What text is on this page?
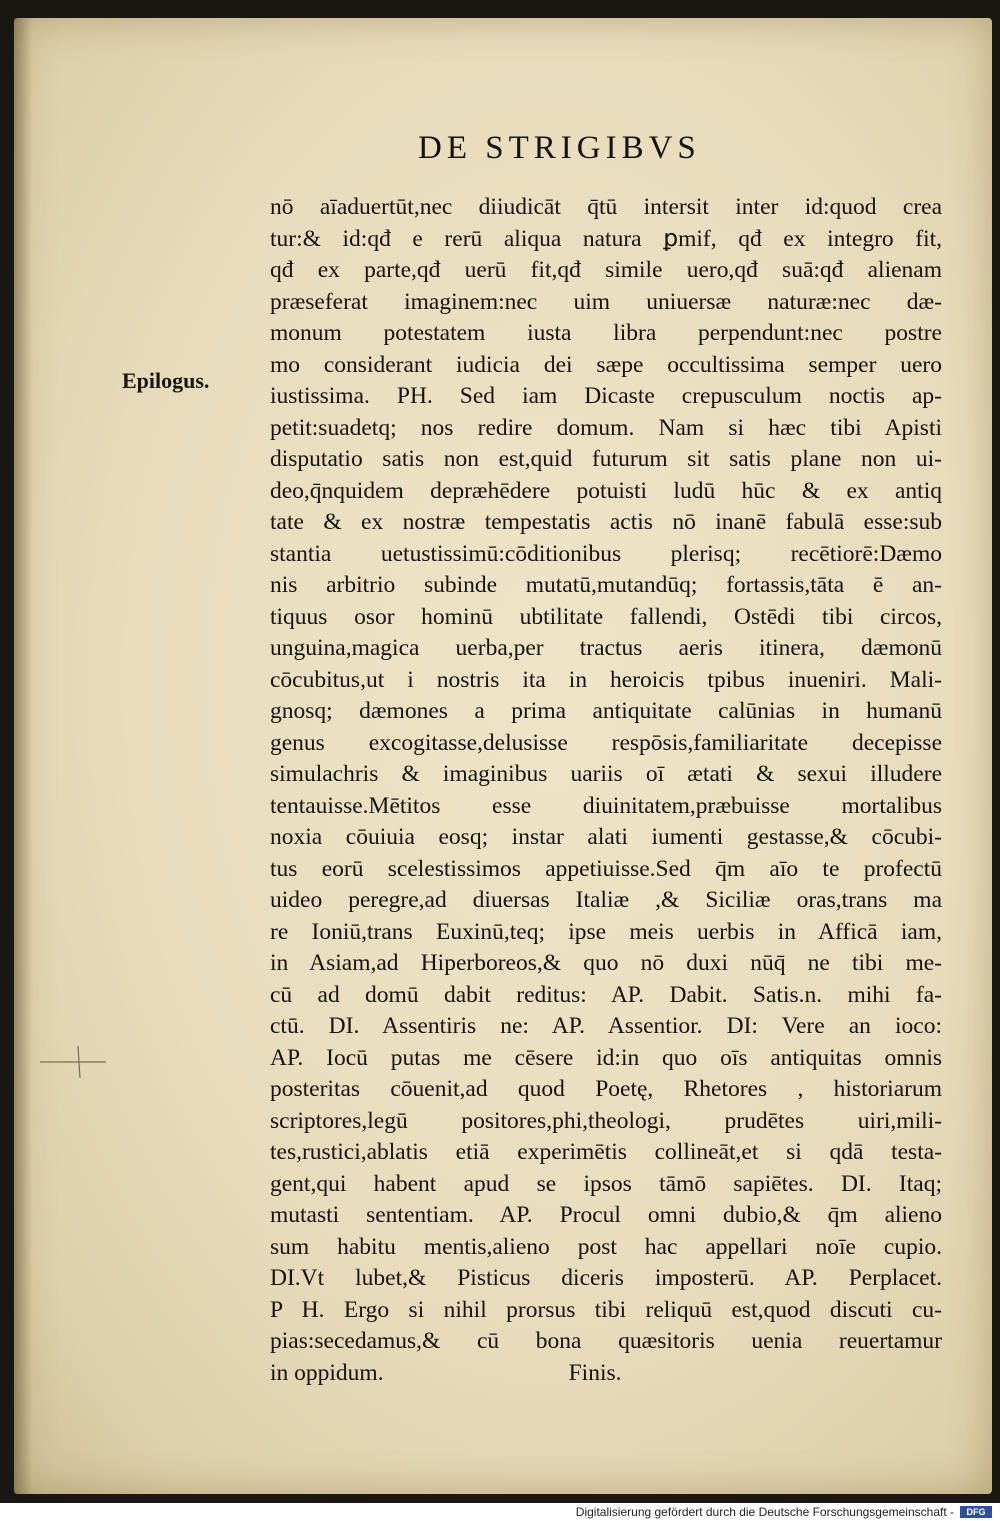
DE STRIGIBVS
Epilogus.
nō aīaduertūt,nec diiudicāt q̄tū intersit inter id:quod crea
tur:& id:qđ e rerū aliqua natura ꝑmif, qđ ex integro fit,
qđ ex parte,qđ uerū fit,qđ simile uero,qđ suā:qđ alienam
præseferat imaginem:nec uim uniuersæ naturæ:nec dæ-
monum potestatem iusta libra perpendunt:nec postre
mo considerant iudicia dei sæpe occultissima semper uero
iustissima. PH. Sed iam Dicaste crepusculum noctis ap-
petit:suadetq; nos redire domum. Nam si hæc tibi Apisti
disputatio satis non est,quid futurum sit satis plane non ui-
deo,q̄nquidem depræhēdere potuisti ludū hūc & ex antiq
tate & ex nostræ tempestatis actis nō inanē fabulā esse:sub
stantia uetustissimū:cōditionibus plerisq; recētiorē:Dæmo
nis arbitrio subinde mutatū,mutandūq; fortassis,tāta ē an-
tiquus osor hominū ubtilitate fallendi, Ostēdi tibi circos,
unguina,magica uerba,per tractus aeris itinera, dæmonū
cōcubitus,ut i nostris ita in heroicis tpibus inueniri. Mali-
gnosq; dæmones a prima antiquitate calūnias in humanū
genus excogitasse,delusisse respōsis,familiaritate decepisse
simulachris & imaginibus uariis oī ætati & sexui illudere
tentauisse.Mētitos esse diuinitatem,præbuisse mortalibus
noxia cōuiuia eosq; instar alati iumenti gestasse,& cōcubi-
tus eorū scelestissimos appetiuisse.Sed q̄m aīo te profectū
uideo peregre,ad diuersas Italiæ ,& Siciliæ oras,trans ma
re Ioniū,trans Euxinū,teq; ipse meis uerbis in Afficā iam,
in Asiam,ad Hiperboreos,& quo nō duxi nūq̄ ne tibi me-
cū ad domū dabit reditus: AP. Dabit. Satis.n. mihi fa-
ctū. DI. Assentiris ne: AP. Assentior. DI: Vere an ioco:
AP. Iocū putas me cēsere id:in quo oīs antiquitas omnis
posteritas cōuenit,ad quod Poetę, Rhetores , historiarum
scriptores,legū positores,phi,theologi, prudētes uiri,mili-
tes,rustici,ablatis etiā experimētis collineāt,et si qdā testa-
gent,qui habent apud se ipsos tāmō sapiētes. DI. Itaq;
mutasti sententiam. AP. Procul omni dubio,& q̄m alieno
sum habitu mentis,alieno post hac appellari noīe cupio.
DI.Vt lubet,& Pisticus diceris imposterū. AP. Perplacet.
P H. Ergo si nihil prorsus tibi reliquū est,quod discuti cu-
pias:secedamus,& cū bona quæsitoris uenia reuertamur
in oppidum.	Finis.
Digitalisierung gefördert durch die Deutsche Forschungsgemeinschaft -	DFG
